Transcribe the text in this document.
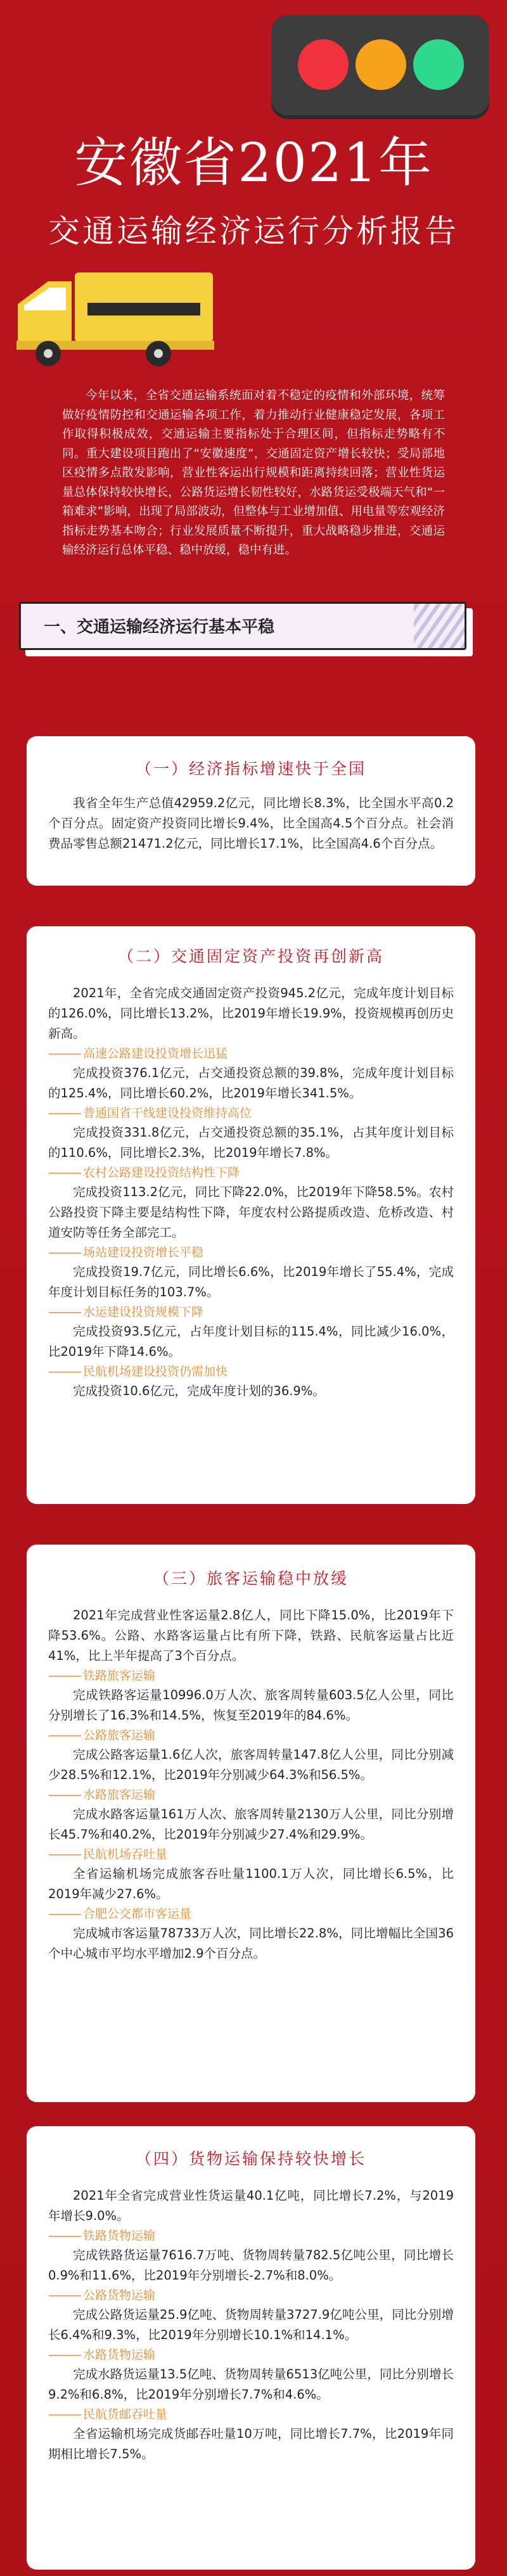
安徽省2021年
交通运输经济运行分析报告
今年以来，全省交通运输系统面对着不稳定的疫情和外部环境，统筹做好疫情防控和交通运输各项工作，着力推动行业健康稳定发展，各项工作取得积极成效，交通运输主要指标处于合理区间，但指标走势略有不同。重大建设项目跑出了“安徽速度”，交通固定资产增长较快；受局部地区疫情多点散发影响，营业性客运出行规模和距离持续回落；营业性货运量总体保持较快增长，公路货运增长韧性较好，水路货运受极端天气和“一箱难求”影响，出现了局部波动，但整体与工业增加值、用电量等宏观经济指标走势基本吻合；行业发展质量不断提升，重大战略稳步推进，交通运输经济运行总体平稳、稳中放缓，稳中有进。
一、交通运输经济运行基本平稳
（一）经济指标增速快于全国

我省全年生产总值42959.2亿元，同比增长8.3%，比全国水平高0.2个百分点。固定资产投资同比增长9.4%，比全国高4.5个百分点。社会消费品零售总额21471.2亿元，同比增长17.1%，比全国高4.6个百分点。

（二）交通固定资产投资再创新高

2021年，全省完成交通固定资产投资945.2亿元，完成年度计划目标的126.0%，同比增长13.2%，比2019年增长19.9%，投资规模再创历史新高。

——— 高速公路建设投资增长迅猛

完成投资376.1亿元，占交通投资总额的39.8%，完成年度计划目标的125.4%，同比增长60.2%，比2019年增长341.5%。

——— 普通国省干线建设投资维持高位

完成投资331.8亿元，占交通投资总额的35.1%，占其年度计划目标的110.6%，同比增长2.3%，比2019年增长7.8%。

——— 农村公路建设投资结构性下降

完成投资113.2亿元，同比下降22.0%，比2019年下降58.5%。农村公路投资下降主要是结构性下降，年度农村公路提质改造、危桥改造、村道安防等任务全部完工。

——— 场站建设投资增长平稳

完成投资19.7亿元，同比增长6.6%，比2019年增长了55.4%，完成年度计划目标任务的103.7%。

——— 水运建设投资规模下降

完成投资93.5亿元，占年度计划目标的115.4%，同比减少16.0%，比2019年下降14.6%。

——— 民航机场建设投资仍需加快

完成投资10.6亿元，完成年度计划的36.9%。

（三）旅客运输稳中放缓

2021年完成营业性客运量2.8亿人，同比下降15.0%，比2019年下降53.6%。公路、水路客运量占比有所下降，铁路、民航客运量占比近41%，比上半年提高了3个百分点。

——— 铁路旅客运输

完成铁路客运量10996.0万人次、旅客周转量603.5亿人公里，同比分别增长了16.3%和14.5%，恢复至2019年的84.6%。

——— 公路旅客运输

完成公路客运量1.6亿人次，旅客周转量147.8亿人公里，同比分别减少28.5%和12.1%，比2019年分别减少64.3%和56.5%。

——— 水路旅客运输

完成水路客运量161万人次、旅客周转量2130万人公里，同比分别增长45.7%和40.2%，比2019年分别减少27.4%和29.9%。

——— 民航机场吞吐量

全省运输机场完成旅客吞吐量1100.1万人次，同比增长6.5%，比2019年减少27.6%。

——— 合肥公交都市客运量

完成城市客运量78733万人次，同比增长22.8%，同比增幅比全国36个中心城市平均水平增加2.9个百分点。

（四）货物运输保持较快增长

2021年全省完成营业性货运量40.1亿吨，同比增长7.2%，与2019年增长9.0%。

——— 铁路货物运输

完成铁路货运量7616.7万吨、货物周转量782.5亿吨公里，同比增长0.9%和11.6%，比2019年分别增长-2.7%和8.0%。

——— 公路货物运输

完成公路货运量25.9亿吨、货物周转量3727.9亿吨公里，同比分别增长6.4%和9.3%，比2019年分别增长10.1%和14.1%。

——— 水路货物运输

完成水路货运量13.5亿吨、货物周转量6513亿吨公里，同比分别增长9.2%和6.8%，比2019年分别增长7.7%和4.6%。

——— 民航货邮吞吐量

全省运输机场完成货邮吞吐量10万吨，同比增长7.7%，比2019年同期相比增长7.5%。
